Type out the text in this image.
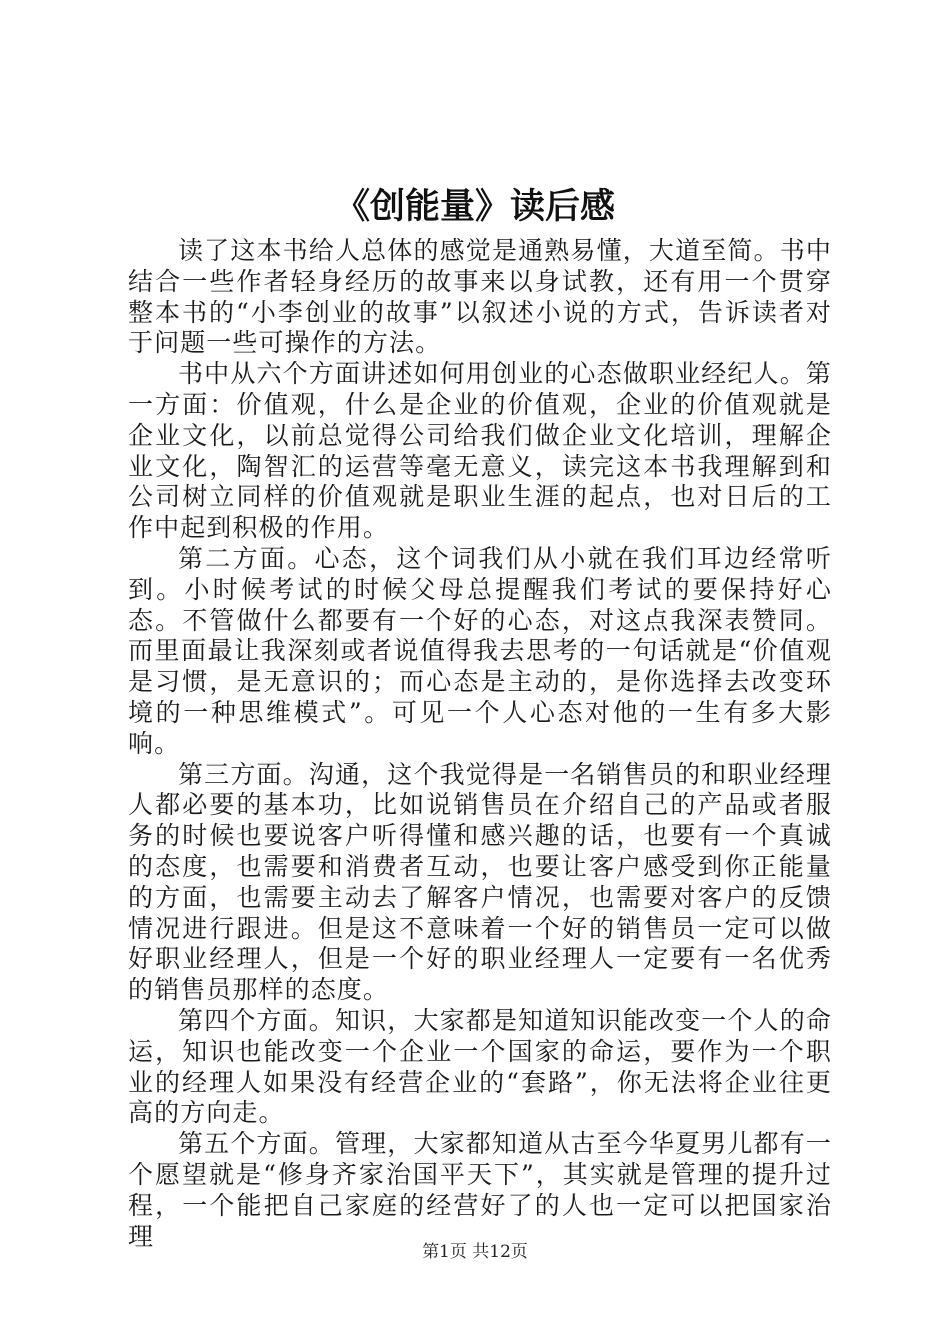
《创能量》读后感

读了这本书给人总体的感觉是通熟易懂，大道至简。书中结合一些作者轻身经历的故事来以身试教，还有用一个贯穿整本书的“小李创业的故事”以叙述小说的方式，告诉读者对于问题一些可操作的方法。

书中从六个方面讲述如何用创业的心态做职业经纪人。第一方面：价值观，什么是企业的价值观，企业的价值观就是企业文化，以前总觉得公司给我们做企业文化培训，理解企业文化，陶智汇的运营等毫无意义，读完这本书我理解到和公司树立同样的价值观就是职业生涯的起点，也对日后的工作中起到积极的作用。

第二方面。心态，这个词我们从小就在我们耳边经常听到。小时候考试的时候父母总提醒我们考试的要保持好心态。不管做什么都要有一个好的心态，对这点我深表赞同。而里面最让我深刻或者说值得我去思考的一句话就是“价值观是习惯，是无意识的；而心态是主动的，是你选择去改变环境的一种思维模式”。可见一个人心态对他的一生有多大影响。

第三方面。沟通，这个我觉得是一名销售员的和职业经理人都必要的基本功，比如说销售员在介绍自己的产品或者服务的时候也要说客户听得懂和感兴趣的话，也要有一个真诚的态度，也需要和消费者互动，也要让客户感受到你正能量的方面，也需要主动去了解客户情况，也需要对客户的反馈情况进行跟进。但是这不意味着一个好的销售员一定可以做好职业经理人，但是一个好的职业经理人一定要有一名优秀的销售员那样的态度。

第四个方面。知识，大家都是知道知识能改变一个人的命运，知识也能改变一个企业一个国家的命运，要作为一个职业的经理人如果没有经营企业的“套路”，你无法将企业往更高的方向走。

第五个方面。管理，大家都知道从古至今华夏男儿都有一个愿望就是“修身齐家治国平天下”，其实就是管理的提升过程，一个能把自己家庭的经营好了的人也一定可以把国家治理

第1页 共12页
